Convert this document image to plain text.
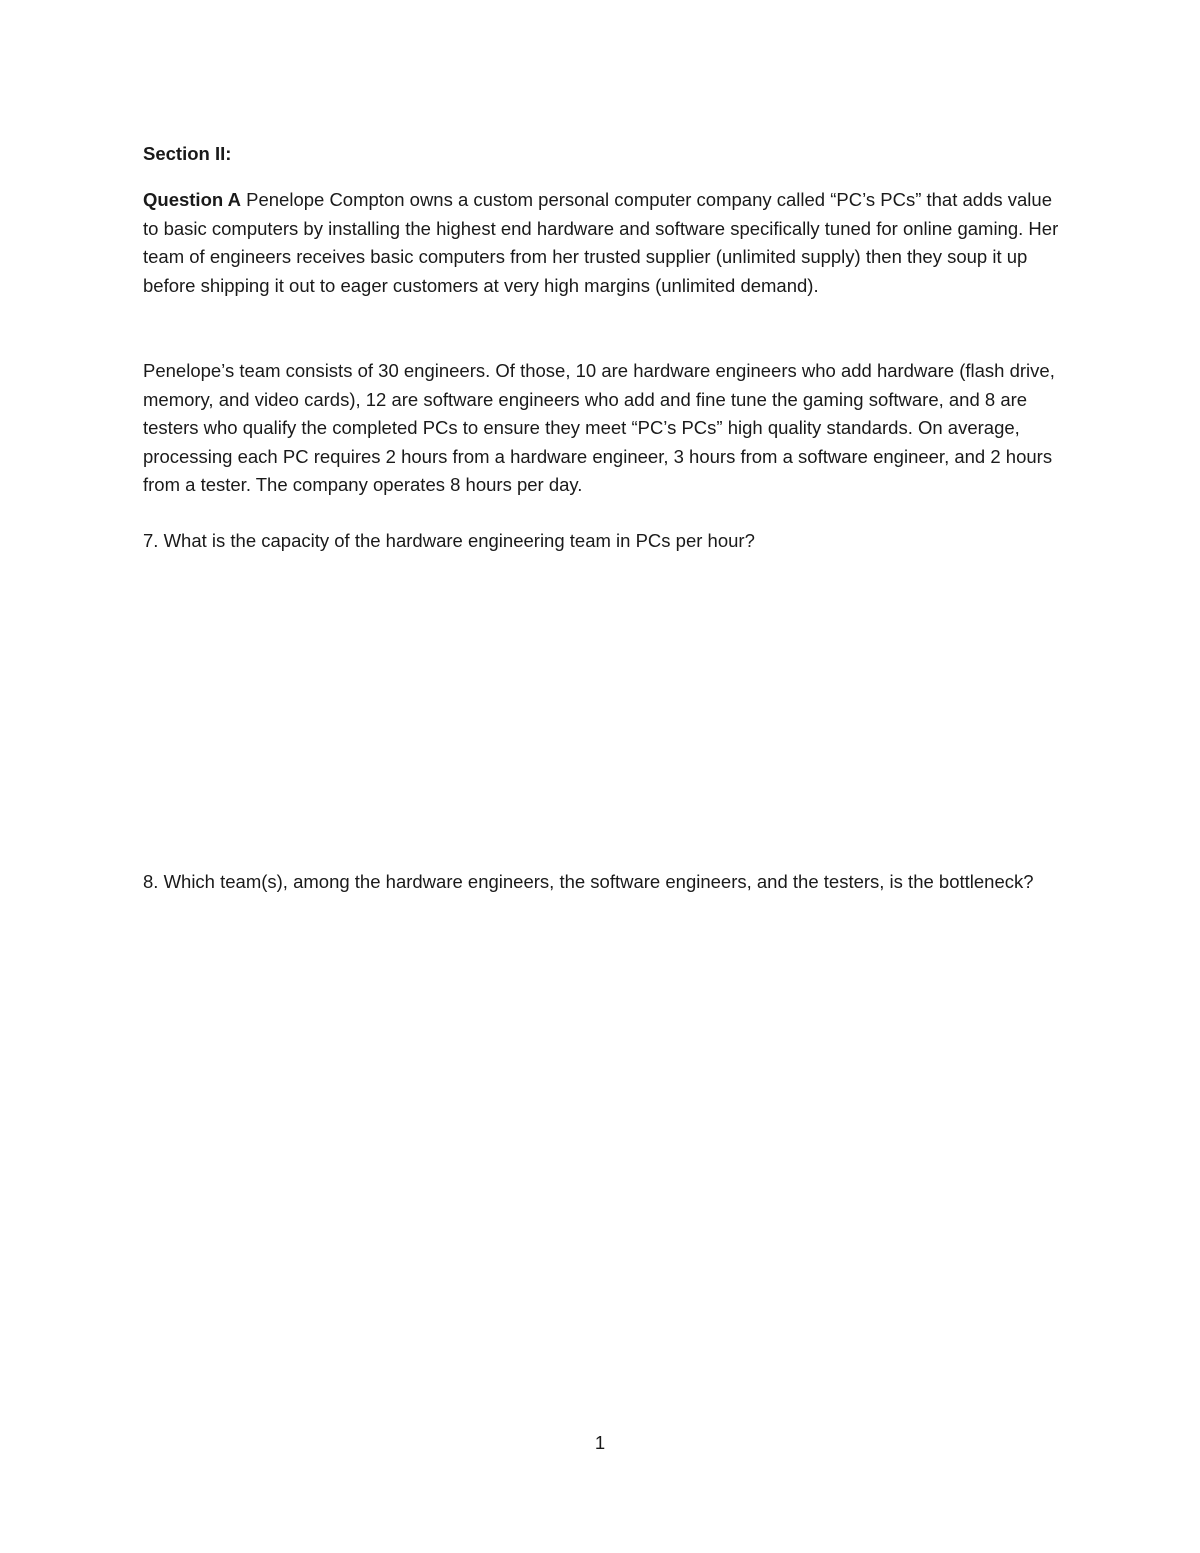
Section II:

Question A Penelope Compton owns a custom personal computer company called “PC’s PCs” that adds value to basic computers by installing the highest end hardware and software specifically tuned for online gaming. Her team of engineers receives basic computers from her trusted supplier (unlimited supply) then they soup it up before shipping it out to eager customers at very high margins (unlimited demand).

Penelope’s team consists of 30 engineers. Of those, 10 are hardware engineers who add hardware (flash drive, memory, and video cards), 12 are software engineers who add and fine tune the gaming software, and 8 are testers who qualify the completed PCs to ensure they meet “PC’s PCs” high quality standards. On average, processing each PC requires 2 hours from a hardware engineer, 3 hours from a software engineer, and 2 hours from a tester. The company operates 8 hours per day.

7. What is the capacity of the hardware engineering team in PCs per hour?

8. Which team(s), among the hardware engineers, the software engineers, and the testers, is the bottleneck?

1
